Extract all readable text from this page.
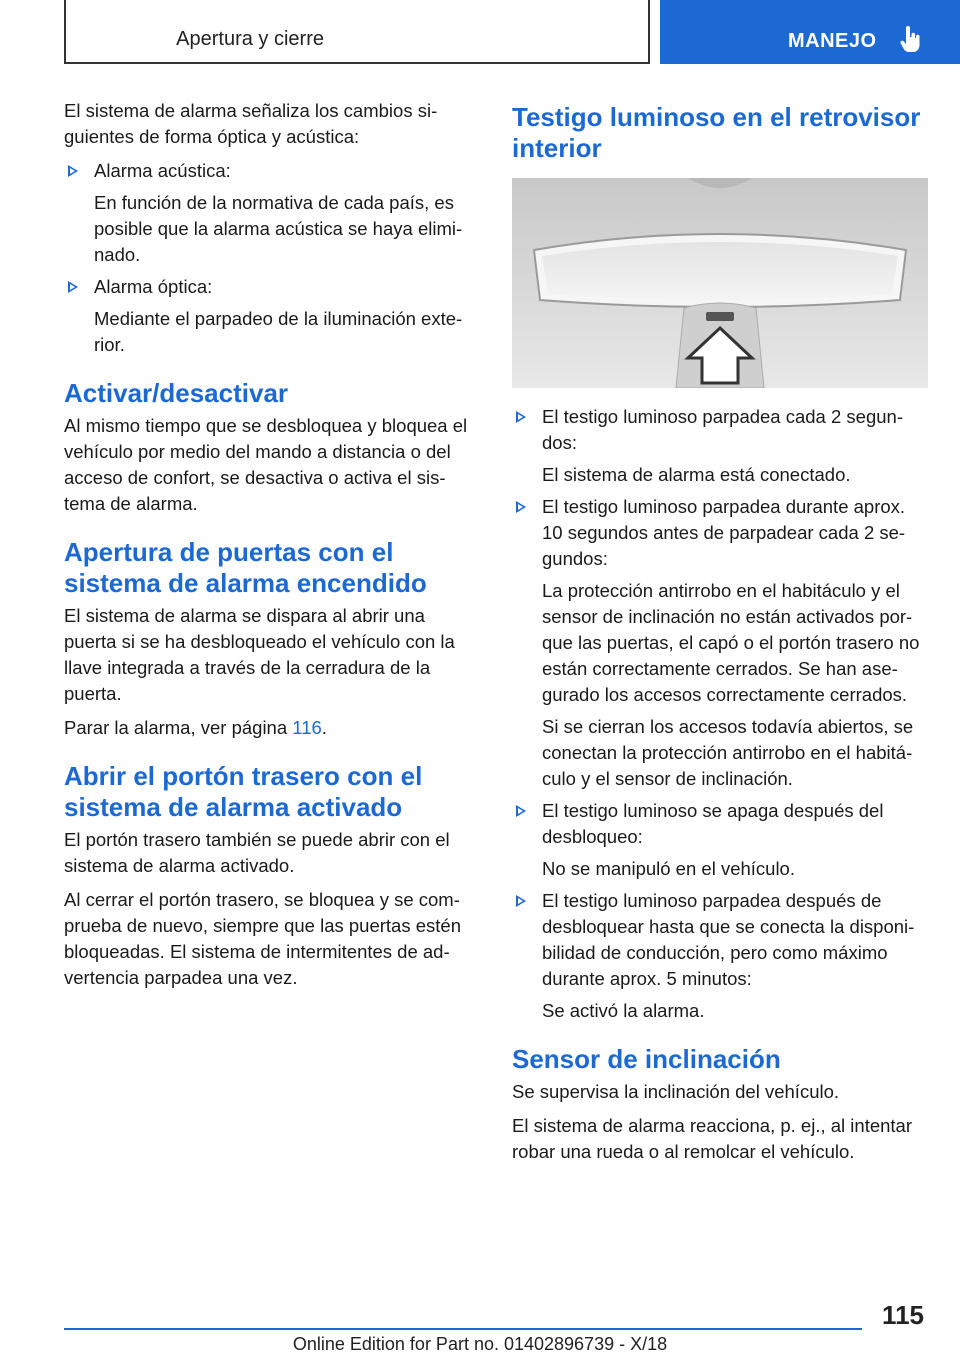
Apertura y cierre	MANEJO

El sistema de alarma señaliza los cambios si-guientes de forma óptica y acústica:

Alarma acústica:

En función de la normativa de cada país, es posible que la alarma acústica se haya elimi-nado.

Alarma óptica:

Mediante el parpadeo de la iluminación exte-rior.

Activar/desactivar

Al mismo tiempo que se desbloquea y bloquea el vehículo por medio del mando a distancia o del acceso de confort, se desactiva o activa el sis-tema de alarma.

Apertura de puertas con el sistema de alarma encendido

El sistema de alarma se dispara al abrir una puerta si se ha desbloqueado el vehículo con la llave integrada a través de la cerradura de la puerta.

Parar la alarma, ver página 116.

Abrir el portón trasero con el sistema de alarma activado

El portón trasero también se puede abrir con el sistema de alarma activado.

Al cerrar el portón trasero, se bloquea y se com-prueba de nuevo, siempre que las puertas estén bloqueadas. El sistema de intermitentes de ad-vertencia parpadea una vez.

Testigo luminoso en el retrovisor interior

El testigo luminoso parpadea cada 2 segun-dos:

El sistema de alarma está conectado.

El testigo luminoso parpadea durante aprox. 10 segundos antes de parpadear cada 2 se-gundos:

La protección antirrobo en el habitáculo y el sensor de inclinación no están activados por-que las puertas, el capó o el portón trasero no están correctamente cerrados. Se han ase-gurado los accesos correctamente cerrados.

Si se cierran los accesos todavía abiertos, se conectan la protección antirrobo en el habitá-culo y el sensor de inclinación.

El testigo luminoso se apaga después del desbloqueo:

No se manipuló en el vehículo.

El testigo luminoso parpadea después de desbloquear hasta que se conecta la disponi-bilidad de conducción, pero como máximo durante aprox. 5 minutos:

Se activó la alarma.

Sensor de inclinación

Se supervisa la inclinación del vehículo.

El sistema de alarma reacciona, p. ej., al intentar robar una rueda o al remolcar el vehículo.

115
Online Edition for Part no. 01402896739 - X/18
